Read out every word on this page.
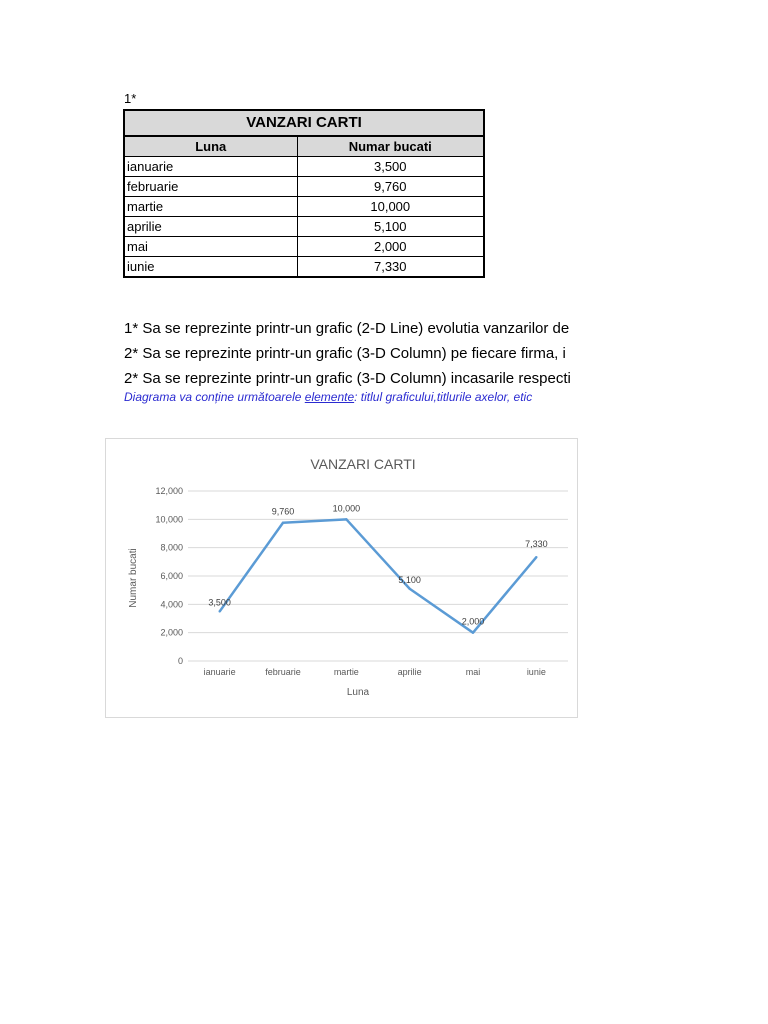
1*
VANZARI CARTI	
Luna	Numar bucati
ianuarie	3,500
februarie	9,760
martie	10,000
aprilie	5,100
mai	2,000
iunie	7,330
1* Sa se reprezinte printr-un grafic (2-D Line) evolutia vanzarilor de
2* Sa se reprezinte printr-un grafic (3-D Column) pe fiecare firma, i
2* Sa se reprezinte printr-un grafic (3-D Column) incasarile respecti
Diagrama va conține următoarele elemente: titlul graficului,titlurile axelor, etic
VANZARI CARTI
0
2,000
4,000
6,000
8,000
10,000
12,000
ianuarie	februarie	martie	aprilie	mai	iunie
Luna
Numar bucati	3,500
9,760	10,000
5,100
2,000
7,330
